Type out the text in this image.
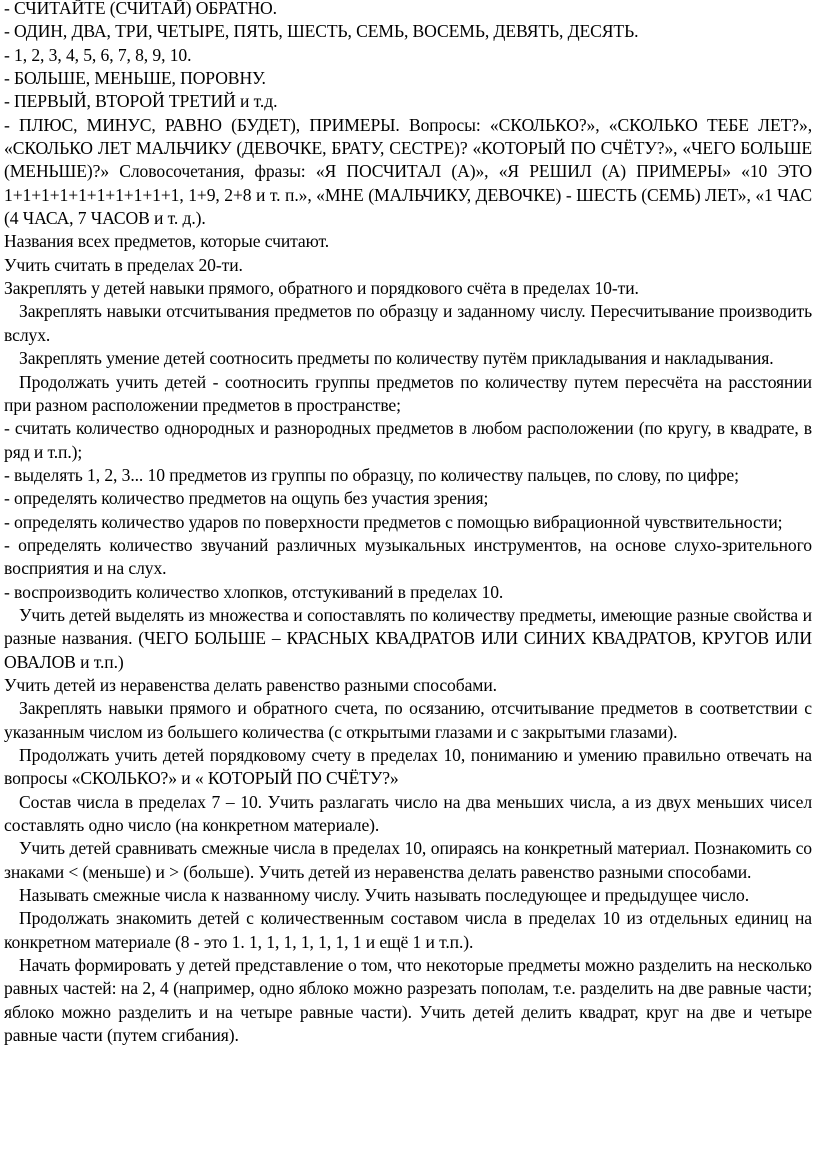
- СЧИТАЙТЕ (СЧИТАЙ) ОБРАТНО.

- ОДИН, ДВА, ТРИ, ЧЕТЫРЕ, ПЯТЬ, ШЕСТЬ, СЕМЬ, ВОСЕМЬ, ДЕВЯТЬ, ДЕСЯТЬ.

- 1, 2, 3, 4, 5, 6, 7, 8, 9, 10.

- БОЛЬШЕ, МЕНЬШЕ, ПОРОВНУ.

- ПЕРВЫЙ, ВТОРОЙ ТРЕТИЙ и т.д.

- ПЛЮС, МИНУС, РАВНО (БУДЕТ), ПРИМЕРЫ. Вопросы: «СКОЛЬКО?», «СКОЛЬКО ТЕБЕ ЛЕТ?», «СКОЛЬКО ЛЕТ МАЛЬЧИКУ (ДЕВОЧКЕ, БРАТУ, СЕСТРЕ)? «КОТОРЫЙ ПО СЧЁТУ?», «ЧЕГО БОЛЬШЕ (МЕНЬШЕ)?» Словосочетания, фразы: «Я ПОСЧИТАЛ (А)», «Я РЕШИЛ (А) ПРИМЕРЫ» «10 ЭТО 1+1+1+1+1+1+1+1+1+1, 1+9, 2+8 и т. п.», «МНЕ (МАЛЬЧИКУ, ДЕВОЧКЕ) - ШЕСТЬ (СЕМЬ) ЛЕТ», «1 ЧАС (4 ЧАСА, 7 ЧАСОВ и т. д.).

Названия всех предметов, которые считают.

Учить считать в пределах 20-ти.

Закреплять у детей навыки прямого, обратного и порядкового счёта в пределах 10-ти.

Закреплять навыки отсчитывания предметов по образцу и заданному числу. Пересчитывание производить вслух.

Закреплять умение детей соотносить предметы по количеству путём прикладывания и накладывания.

Продолжать учить детей - соотносить группы предметов по количеству путем пересчёта на расстоянии при разном расположении предметов в пространстве;

- считать количество однородных и разнородных предметов в любом расположении (по кругу, в квадрате, в ряд и т.п.);

- выделять 1, 2, 3... 10 предметов из группы по образцу, по количеству пальцев, по слову, по цифре;

- определять количество предметов на ощупь без участия зрения;

- определять количество ударов по поверхности предметов с помощью вибрационной чувствительности;

- определять количество звучаний различных музыкальных инструментов, на основе слухо-зрительного восприятия и на слух.

- воспроизводить количество хлопков, отстукиваний в пределах 10.

Учить детей выделять из множества и сопоставлять по количеству предметы, имеющие разные свойства и разные названия. (ЧЕГО БОЛЬШЕ – КРАСНЫХ КВАДРАТОВ ИЛИ СИНИХ КВАДРАТОВ, КРУГОВ ИЛИ ОВАЛОВ и т.п.)

Учить детей из неравенства делать равенство разными способами.

Закреплять навыки прямого и обратного счета, по осязанию, отсчитывание предметов в соответствии с указанным числом из большего количества (с открытыми глазами и с закрытыми глазами).

Продолжать учить детей порядковому счету в пределах 10, пониманию и умению правильно отвечать на вопросы «СКОЛЬКО?» и « КОТОРЫЙ ПО СЧЁТУ?»

Состав числа в пределах 7 – 10. Учить разлагать число на два меньших числа, а из двух меньших чисел составлять одно число (на конкретном материале).

Учить детей сравнивать смежные числа в пределах 10, опираясь на конкретный материал. Познакомить со знаками < (меньше) и > (больше). Учить детей из неравенства делать равенство разными способами.

Называть смежные числа к названному числу. Учить называть последующее и предыдущее число.

Продолжать знакомить детей с количественным составом числа в пределах 10 из отдельных единиц на конкретном материале (8 - это 1. 1, 1, 1, 1, 1, 1, 1 и ещё 1 и т.п.).

Начать формировать у детей представление о том, что некоторые предметы можно разделить на несколько равных частей: на 2, 4 (например, одно яблоко можно разрезать пополам, т.е. разделить на две равные части; яблоко можно разделить и на четыре равные части). Учить детей делить квадрат, круг на две и четыре равные части (путем сгибания).
